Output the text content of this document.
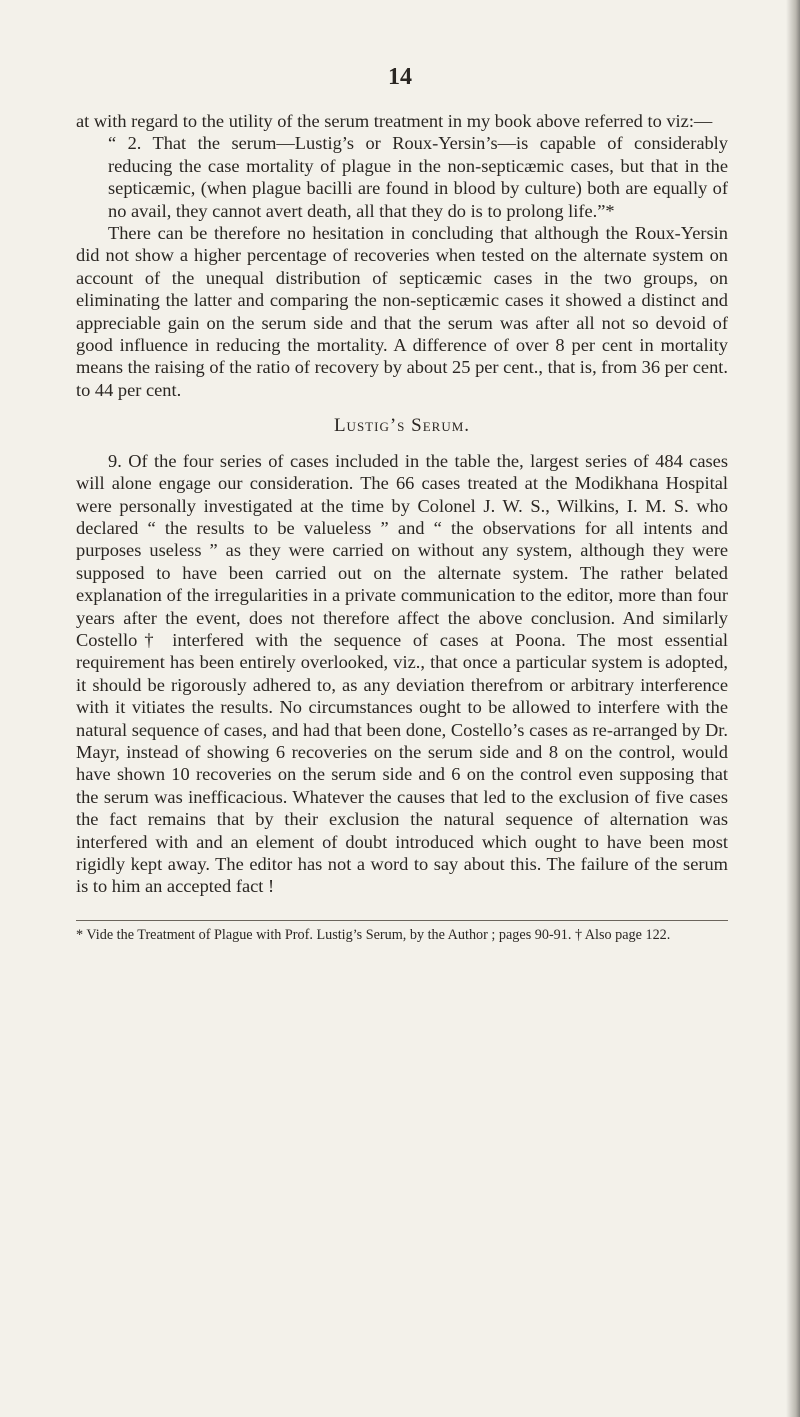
14

at with regard to the utility of the serum treatment in my book above referred to viz:—

“ 2. That the serum—Lustig’s or Roux-Yersin’s—is capable of considerably reducing the case mortality of plague in the non-septicæmic cases, but that in the septicæmic, (when plague bacilli are found in blood by culture) both are equally of no avail, they cannot avert death, all that they do is to prolong life.”*

There can be therefore no hesitation in concluding that although the Roux-Yersin did not show a higher percentage of recoveries when tested on the alternate system on account of the unequal distribution of septicæmic cases in the two groups, on eliminating the latter and comparing the non-septicæmic cases it showed a distinct and appreciable gain on the serum side and that the serum was after all not so devoid of good influence in reducing the mortality. A difference of over 8 per cent in mortality means the raising of the ratio of recovery by about 25 per cent., that is, from 36 per cent. to 44 per cent.

Lustig’s Serum.

9. Of the four series of cases included in the table the, largest series of 484 cases will alone engage our consideration. The 66 cases treated at the Modikhana Hospital were personally investigated at the time by Colonel J. W. S., Wilkins, I. M. S. who declared “ the results to be valueless ” and “ the observations for all intents and purposes useless ” as they were carried on without any system, although they were supposed to have been carried out on the alternate system. The rather belated explanation of the irregularities in a private communication to the editor, more than four years after the event, does not therefore affect the above conclusion. And similarly Costello† interfered with the sequence of cases at Poona. The most essential requirement has been entirely overlooked, viz., that once a particular system is adopted, it should be rigorously adhered to, as any deviation therefrom or arbitrary interference with it vitiates the results. No circumstances ought to be allowed to interfere with the natural sequence of cases, and had that been done, Costello’s cases as re-arranged by Dr. Mayr, instead of showing 6 recoveries on the serum side and 8 on the control, would have shown 10 recoveries on the serum side and 6 on the control even supposing that the serum was inefficacious. Whatever the causes that led to the exclusion of five cases the fact remains that by their exclusion the natural sequence of alternation was interfered with and an element of doubt introduced which ought to have been most rigidly kept away. The editor has not a word to say about this. The failure of the serum is to him an accepted fact !

* Vide the Treatment of Plague with Prof. Lustig’s Serum, by the Author ; pages 90-91. † Also page 122.
